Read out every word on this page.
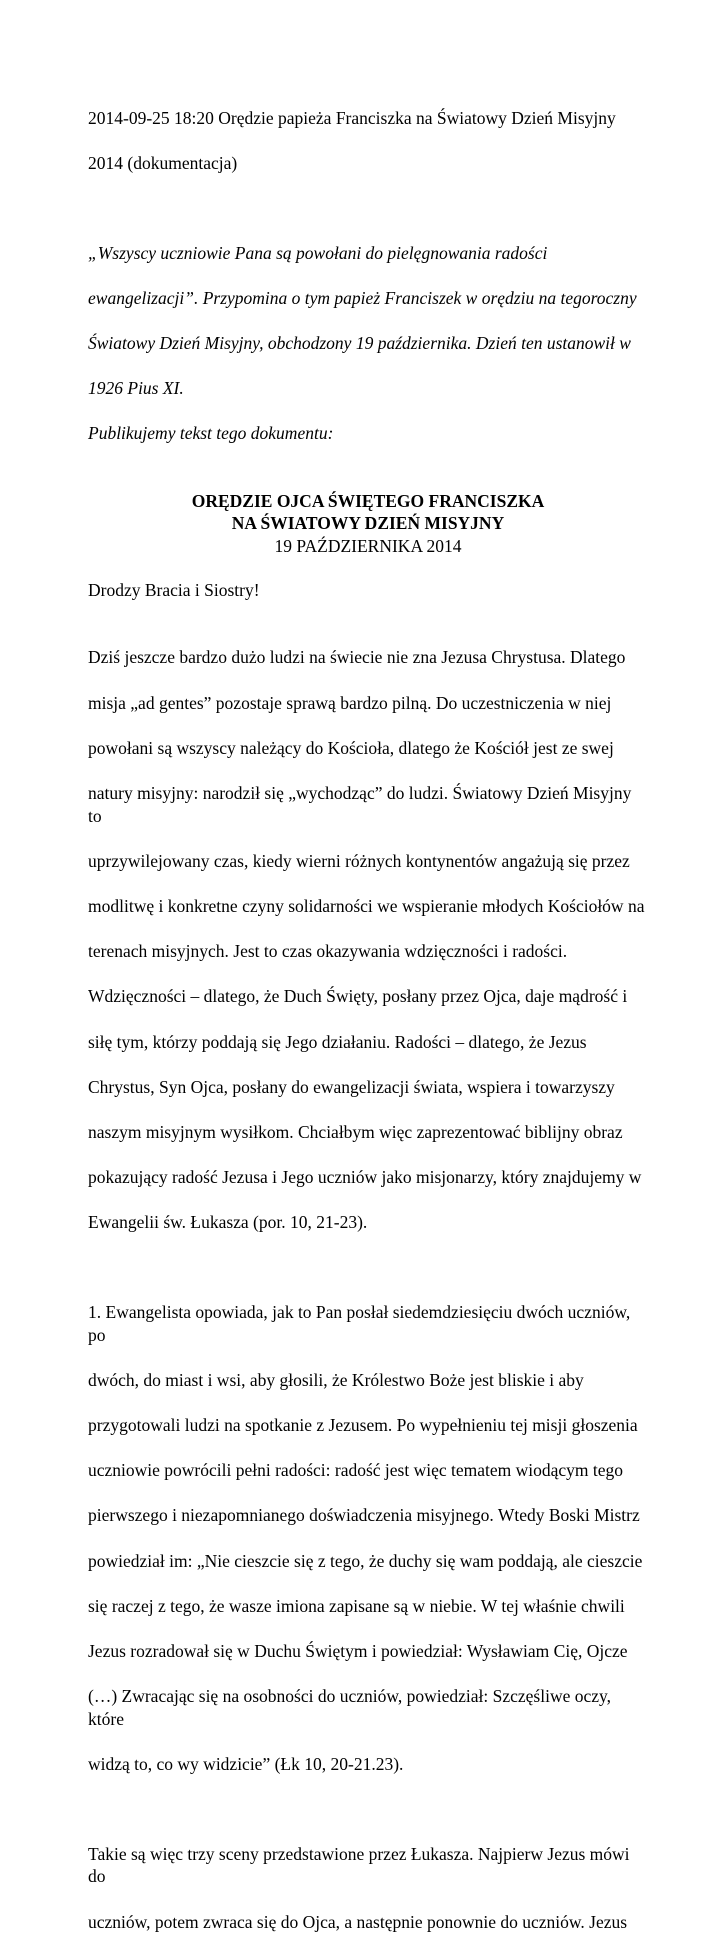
2014-09-25 18:20 Orędzie papieża Franciszka na Światowy Dzień Misyjny

2014 (dokumentacja)

„Wszyscy uczniowie Pana są powołani do pielęgnowania radości

ewangelizacji”. Przypomina o tym papież Franciszek w orędziu na tegoroczny

Światowy Dzień Misyjny, obchodzony 19 października. Dzień ten ustanowił w

1926 Pius XI.

Publikujemy tekst tego dokumentu:

ORĘDZIE OJCA ŚWIĘTEGO FRANCISZKA
NA ŚWIATOWY DZIEŃ MISYJNY
19 PAŹDZIERNIKA 2014
Drodzy Bracia i Siostry!

Dziś jeszcze bardzo dużo ludzi na świecie nie zna Jezusa Chrystusa. Dlatego

misja „ad gentes” pozostaje sprawą bardzo pilną. Do uczestniczenia w niej

powołani są wszyscy należący do Kościoła, dlatego że Kościół jest ze swej

natury misyjny: narodził się „wychodząc” do ludzi. Światowy Dzień Misyjny to

uprzywilejowany czas, kiedy wierni różnych kontynentów angażują się przez

modlitwę i konkretne czyny solidarności we wspieranie młodych Kościołów na

terenach misyjnych. Jest to czas okazywania wdzięczności i radości.

Wdzięczności – dlatego, że Duch Święty, posłany przez Ojca, daje mądrość i

siłę tym, którzy poddają się Jego działaniu. Radości – dlatego, że Jezus

Chrystus, Syn Ojca, posłany do ewangelizacji świata, wspiera i towarzyszy

naszym misyjnym wysiłkom. Chciałbym więc zaprezentować biblijny obraz

pokazujący radość Jezusa i Jego uczniów jako misjonarzy, który znajdujemy w

Ewangelii św. Łukasza (por. 10, 21-23).

1. Ewangelista opowiada, jak to Pan posłał siedemdziesięciu dwóch uczniów, po

dwóch, do miast i wsi, aby głosili, że Królestwo Boże jest bliskie i aby

przygotowali ludzi na spotkanie z Jezusem. Po wypełnieniu tej misji głoszenia

uczniowie powrócili pełni radości: radość jest więc tematem wiodącym tego

pierwszego i niezapomnianego doświadczenia misyjnego. Wtedy Boski Mistrz

powiedział im: „Nie cieszcie się z tego, że duchy się wam poddają, ale cieszcie

się raczej z tego, że wasze imiona zapisane są w niebie. W tej właśnie chwili

Jezus rozradował się w Duchu Świętym i powiedział: Wysławiam Cię, Ojcze

(…) Zwracając się na osobności do uczniów, powiedział: Szczęśliwe oczy, które

widzą to, co wy widzicie” (Łk 10, 20-21.23).

Takie są więc trzy sceny przedstawione przez Łukasza. Najpierw Jezus mówi do

uczniów, potem zwraca się do Ojca, a następnie ponownie do uczniów. Jezus
